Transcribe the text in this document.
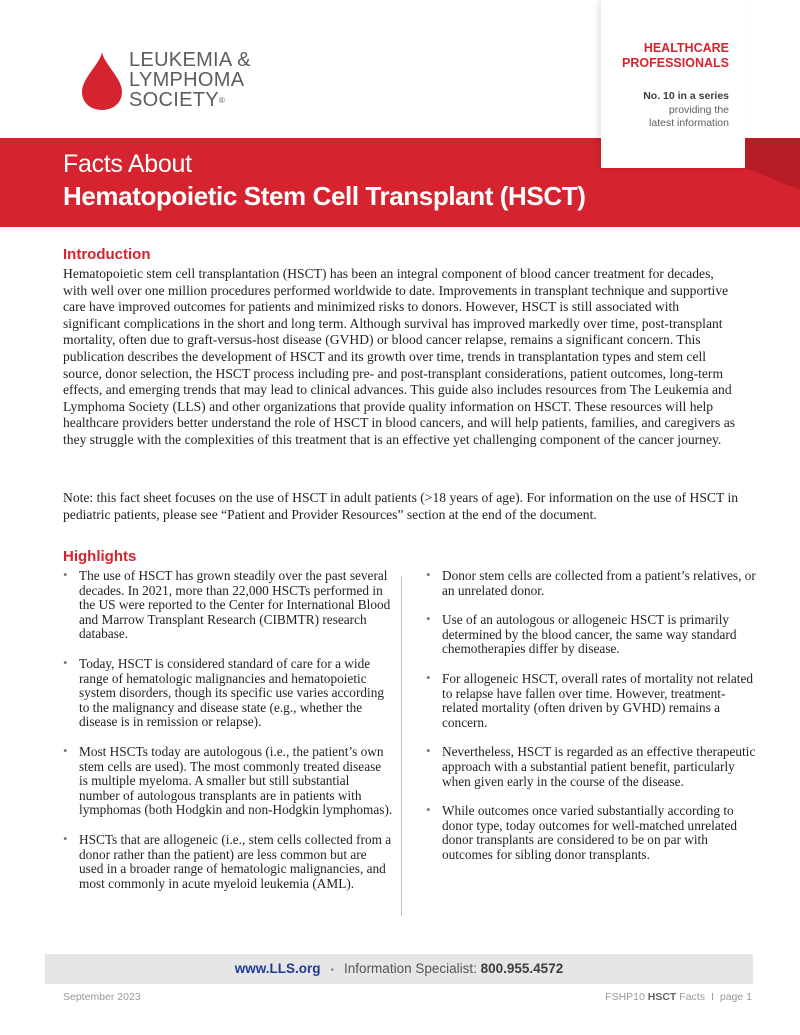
LEUKEMIA &
LYMPHOMA
SOCIETY®
HEALTHCARE
PROFESSIONALS
No. 10 in a series
providing the
latest information
Facts About
Hematopoietic Stem Cell Transplant (HSCT)
Introduction

Hematopoietic stem cell transplantation (HSCT) has been an integral component of blood cancer treatment for decades, with well over one million procedures performed worldwide to date. Improvements in transplant technique and supportive care have improved outcomes for patients and minimized risks to donors. However, HSCT is still associated with significant complications in the short and long term. Although survival has improved markedly over time, post-transplant mortality, often due to graft-versus-host disease (GVHD) or blood cancer relapse, remains a significant concern. This publication describes the development of HSCT and its growth over time, trends in transplantation types and stem cell source, donor selection, the HSCT process including pre- and post-transplant considerations, patient outcomes, long-term effects, and emerging trends that may lead to clinical advances. This guide also includes resources from The Leukemia and Lymphoma Society (LLS) and other organizations that provide quality information on HSCT. These resources will help healthcare providers better understand the role of HSCT in blood cancers, and will help patients, families, and caregivers as they struggle with the complexities of this treatment that is an effective yet challenging component of the cancer journey.

Note: this fact sheet focuses on the use of HSCT in adult patients (>18 years of age). For information on the use of HSCT in pediatric patients, please see “Patient and Provider Resources” section at the end of the document.

Highlights
• The use of HSCT has grown steadily over the past several decades. In 2021, more than 22,000 HSCTs performed in the US were reported to the Center for International Blood and Marrow Transplant Research (CIBMTR) research database.
• Today, HSCT is considered standard of care for a wide range of hematologic malignancies and hematopoietic system disorders, though its specific use varies according to the malignancy and disease state (e.g., whether the disease is in remission or relapse).
• Most HSCTs today are autologous (i.e., the patient’s own stem cells are used). The most commonly treated disease is multiple myeloma. A smaller but still substantial number of autologous transplants are in patients with lymphomas (both Hodgkin and non-Hodgkin lymphomas).
• HSCTs that are allogeneic (i.e., stem cells collected from a donor rather than the patient) are less common but are used in a broader range of hematologic malignancies, and most commonly in acute myeloid leukemia (AML).
• Donor stem cells are collected from a patient’s relatives, or an unrelated donor.
• Use of an autologous or allogeneic HSCT is primarily determined by the blood cancer, the same way standard chemotherapies differ by disease.
• For allogeneic HSCT, overall rates of mortality not related to relapse have fallen over time. However, treatment-related mortality (often driven by GVHD) remains a concern.
• Nevertheless, HSCT is regarded as an effective therapeutic approach with a substantial patient benefit, particularly when given early in the course of the disease.
• While outcomes once varied substantially according to donor type, today outcomes for well-matched unrelated donor transplants are considered to be on par with outcomes for sibling donor transplants.
www.LLS.org • Information Specialist: 800.955.4572
September 2023	FSHP10 HSCT Facts I page 1
